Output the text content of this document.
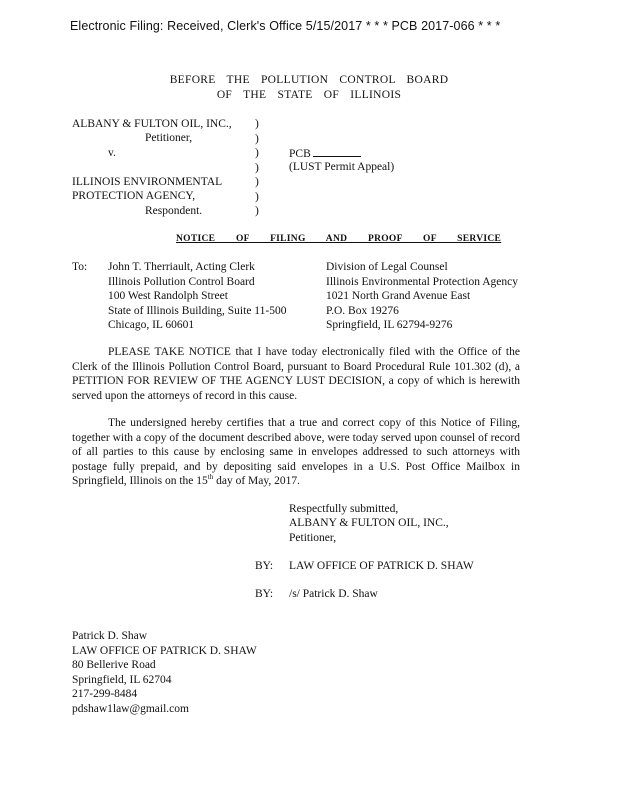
Electronic Filing: Received, Clerk's Office 5/15/2017 * * * PCB 2017-066 * * *
BEFORE THE POLLUTION CONTROL BOARD
OF THE STATE OF ILLINOIS
ALBANY & FULTON OIL, INC.,
Petitioner,
v.
ILLINOIS ENVIRONMENTAL
PROTECTION AGENCY,
Respondent.
)
)
)
)
)
)
)
PCB
(LUST Permit Appeal)
NOTICE OF FILING AND PROOF OF SERVICE
To: John T. Therriault, Acting Clerk
Illinois Pollution Control Board
100 West Randolph Street
State of Illinois Building, Suite 11-500
Chicago, IL 60601
Division of Legal Counsel
Illinois Environmental Protection Agency
1021 North Grand Avenue East
P.O. Box 19276
Springfield, IL 62794-9276

PLEASE TAKE NOTICE that I have today electronically filed with the Office of the Clerk of the Illinois Pollution Control Board, pursuant to Board Procedural Rule 101.302 (d), a PETITION FOR REVIEW OF THE AGENCY LUST DECISION, a copy of which is herewith served upon the attorneys of record in this cause.

The undersigned hereby certifies that a true and correct copy of this Notice of Filing, together with a copy of the document described above, were today served upon counsel of record of all parties to this cause by enclosing same in envelopes addressed to such attorneys with postage fully prepaid, and by depositing said envelopes in a U.S. Post Office Mailbox in Springfield, Illinois on the 15th day of May, 2017.

Respectfully submitted,
ALBANY & FULTON OIL, INC.,
Petitioner,
BY: LAW OFFICE OF PATRICK D. SHAW
BY: /s/ Patrick D. Shaw
Patrick D. Shaw
LAW OFFICE OF PATRICK D. SHAW
80 Bellerive Road
Springfield, IL 62704
217-299-8484
pdshaw1law@gmail.com
